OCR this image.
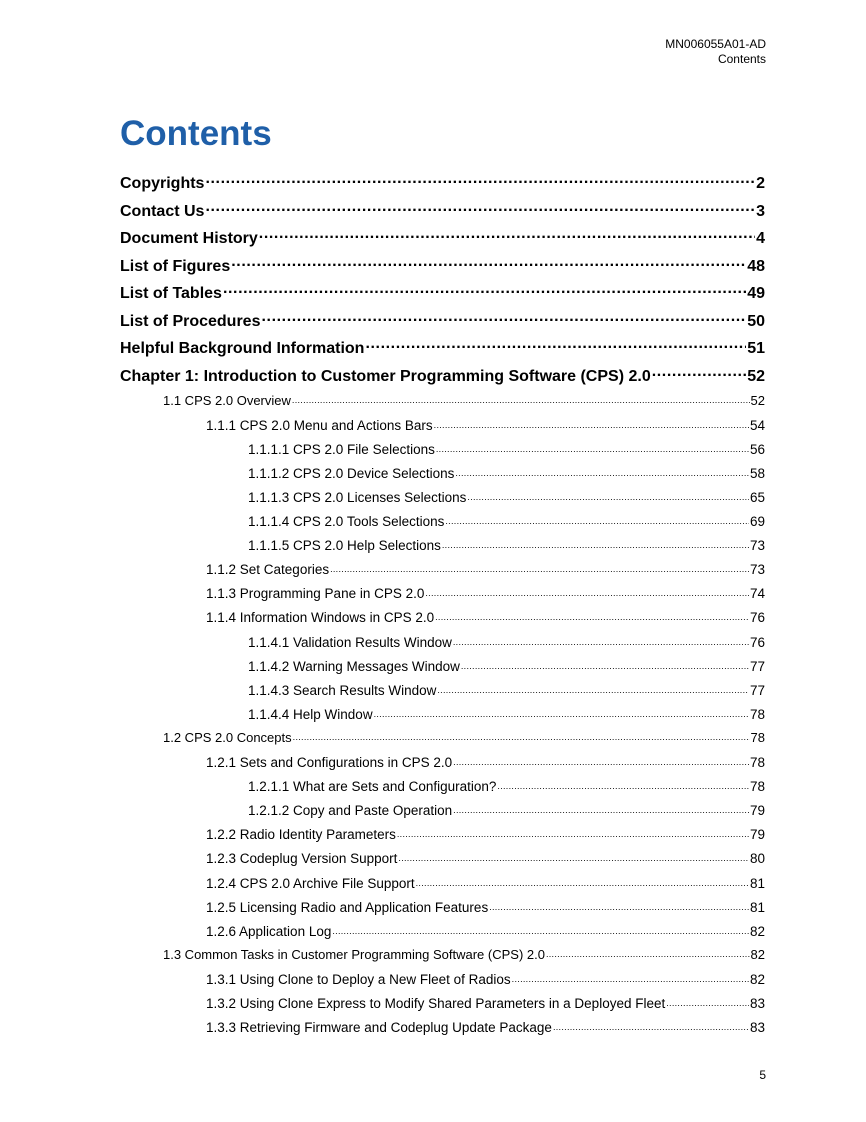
MN006055A01-AD
Contents
Contents
Copyrights .....	2
Contact Us .....	3
Document History .....	4
List of Figures .....	48
List of Tables .....	49
List of Procedures .....	50
Helpful Background Information .....	51
Chapter 1: Introduction to Customer Programming Software (CPS) 2.0 .....	52
1.1 CPS 2.0 Overview .....	52
1.1.1 CPS 2.0 Menu and Actions Bars .....	54
1.1.1.1 CPS 2.0 File Selections .....	56
1.1.1.2 CPS 2.0 Device Selections .....	58
1.1.1.3 CPS 2.0 Licenses Selections .....	65
1.1.1.4 CPS 2.0 Tools Selections .....	69
1.1.1.5 CPS 2.0 Help Selections .....	73
1.1.2 Set Categories .....	73
1.1.3 Programming Pane in CPS 2.0 .....	74
1.1.4 Information Windows in CPS 2.0 .....	76
1.1.4.1 Validation Results Window .....	76
1.1.4.2 Warning Messages Window .....	77
1.1.4.3 Search Results Window .....	77
1.1.4.4 Help Window .....	78
1.2 CPS 2.0 Concepts .....	78
1.2.1 Sets and Configurations in CPS 2.0 .....	78
1.2.1.1 What are Sets and Configuration? .....	78
1.2.1.2 Copy and Paste Operation .....	79
1.2.2 Radio Identity Parameters .....	79
1.2.3 Codeplug Version Support .....	80
1.2.4 CPS 2.0 Archive File Support .....	81
1.2.5 Licensing Radio and Application Features .....	81
1.2.6 Application Log .....	82
1.3 Common Tasks in Customer Programming Software (CPS) 2.0 .....	82
1.3.1 Using Clone to Deploy a New Fleet of Radios .....	82
1.3.2 Using Clone Express to Modify Shared Parameters in a Deployed Fleet .....	83
1.3.3 Retrieving Firmware and Codeplug Update Package .....	83
5
